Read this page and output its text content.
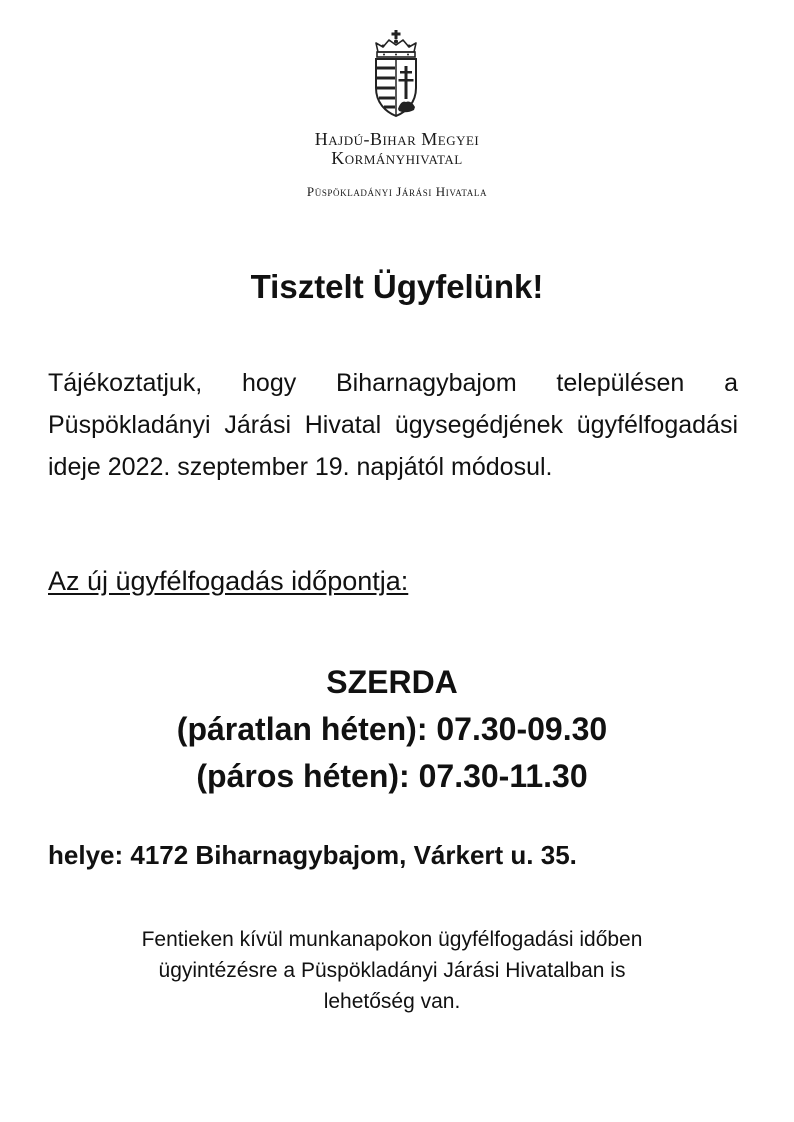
Hajdú-Bihar Megyei
Kormányhivatal
Püspökladányi Járási Hivatala
Tisztelt Ügyfelünk!

Tájékoztatjuk, hogy Biharnagybajom településen a Püspökladányi Járási Hivatal ügysegédjének ügyfélfogadási ideje 2022. szeptember 19. napjától módosul.

Az új ügyfélfogadás időpontja:
SZERDA
(páratlan héten): 07.30-09.30
(páros héten): 07.30-11.30
helye: 4172 Biharnagybajom, Várkert u. 35.
Fentieken kívül munkanapokon ügyfélfogadási időben
ügyintézésre a Püspökladányi Járási Hivatalban is
lehetőség van.
